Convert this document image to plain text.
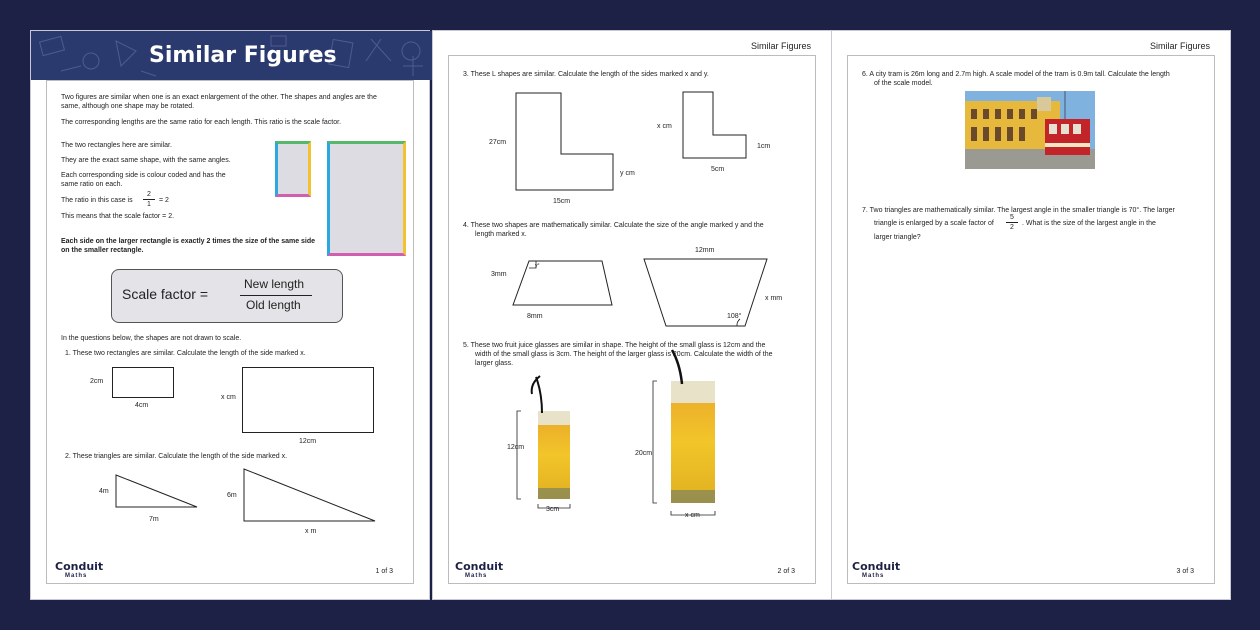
Similar Figures
Two figures are similar when one is an exact enlargement of the other. The shapes and angles are the
same, although one shape may be rotated.
The corresponding lengths are the same ratio for each length. This ratio is the scale factor.
The two rectangles here are similar.
They are the exact same shape, with the same angles.
Each corresponding side is colour coded and has the
same ratio on each.
The ratio in this case is
2
1
= 2
This means that the scale factor = 2.
Each side on the larger rectangle is exactly 2 times the size of the same side
on the smaller rectangle.
Scale factor =
New length
Old length
In the questions below, the shapes are not drawn to scale.
1. These two rectangles are similar. Calculate the length of the side marked x.
2cm
4cm
x cm
12cm
2. These triangles are similar. Calculate the length of the side marked x.
4m
7m
6m
x m
Conduit
Maths
1 of 3
Similar Figures
3. These L shapes are similar. Calculate the length of the sides marked x and y.
27cm
15cm
y cm
x cm
1cm
5cm
4. These two shapes are mathematically similar. Calculate the size of the angle marked y and the
length marked x.
3mm
8mm
y°
12mm
x mm
108°
5. These two fruit juice glasses are similar in shape. The height of the small glass is 12cm and the
width of the small glass is 3cm. The height of the larger glass is 20cm. Calculate the width of the
larger glass.
12cm
3cm
20cm
x cm
Conduit
Maths
2 of 3
Similar Figures
6. A city tram is 26m long and 2.7m high. A scale model of the tram is 0.9m tall. Calculate the length
of the scale model.
7. Two triangles are mathematically similar. The largest angle in the smaller triangle is 70°. The larger
triangle is enlarged by a scale factor of
5
2
. What is the size of the largest angle in the
larger triangle?
Conduit
Maths
3 of 3
